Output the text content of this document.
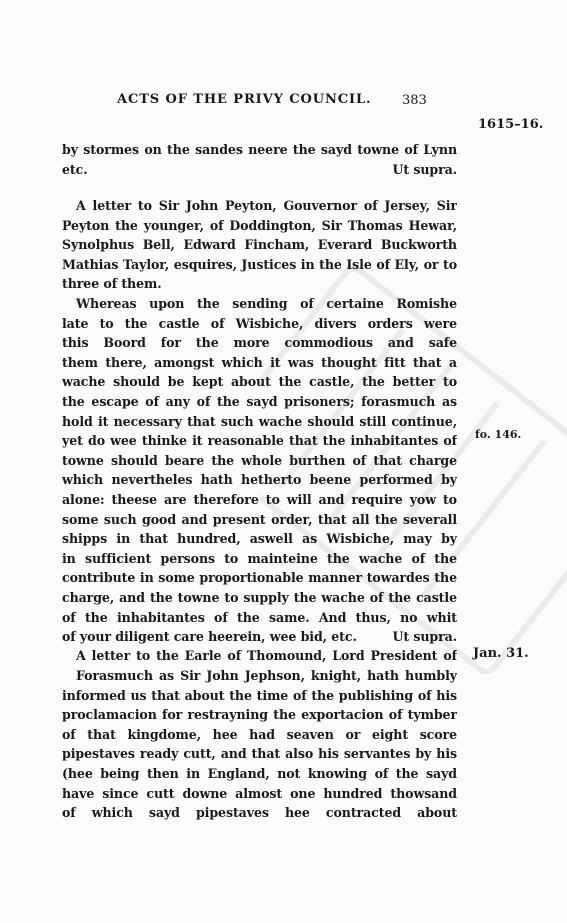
ACTS OF THE PRIVY COUNCIL.	383
1615–16.
by stormes on the sandes neere the sayd towne of Lynn
etc.	Ut supra.
A letter to Sir John Peyton, Gouvernor of Jersey, Sir
Peyton the younger, of Doddington, Sir Thomas Hewar,
Synolphus Bell, Edward Fincham, Everard Buckworth
Mathias Taylor, esquires, Justices in the Isle of Ely, or to
three of them.
Whereas upon the sending of certaine Romishe
late to the castle of Wisbiche, divers orders were
this Boord for the more commodious and safe
them there, amongst which it was thought fitt that a
wache should be kept about the castle, the better to
the escape of any of the sayd prisoners; forasmuch as
hold it necessary that such wache should still continue,
yet do wee thinke it reasonable that the inhabitantes of
towne should beare the whole burthen of that charge
which nevertheles hath hetherto beene performed by
alone: theese are therefore to will and require yow to
some such good and present order, that all the severall
shipps in that hundred, aswell as Wisbiche, may by
in sufficient persons to mainteine the wache of the
contribute in some proportionable manner towardes the
charge, and the towne to supply the wache of the castle
of the inhabitantes of the same. And thus, no whit
of your diligent care heerein, wee bid, etc.	Ut supra.
A letter to the Earle of Thomound, Lord President of
Forasmuch as Sir John Jephson, knight, hath humbly
informed us that about the time of the publishing of his
proclamacion for restrayning the exportacion of tymber
of that kingdome, hee had seaven or eight score
pipestaves ready cutt, and that also his servantes by his
(hee being then in England, not knowing of the sayd
have since cutt downe almost one hundred thowsand
of which sayd pipestaves hee contracted about
fo. 146.
Jan. 31.
